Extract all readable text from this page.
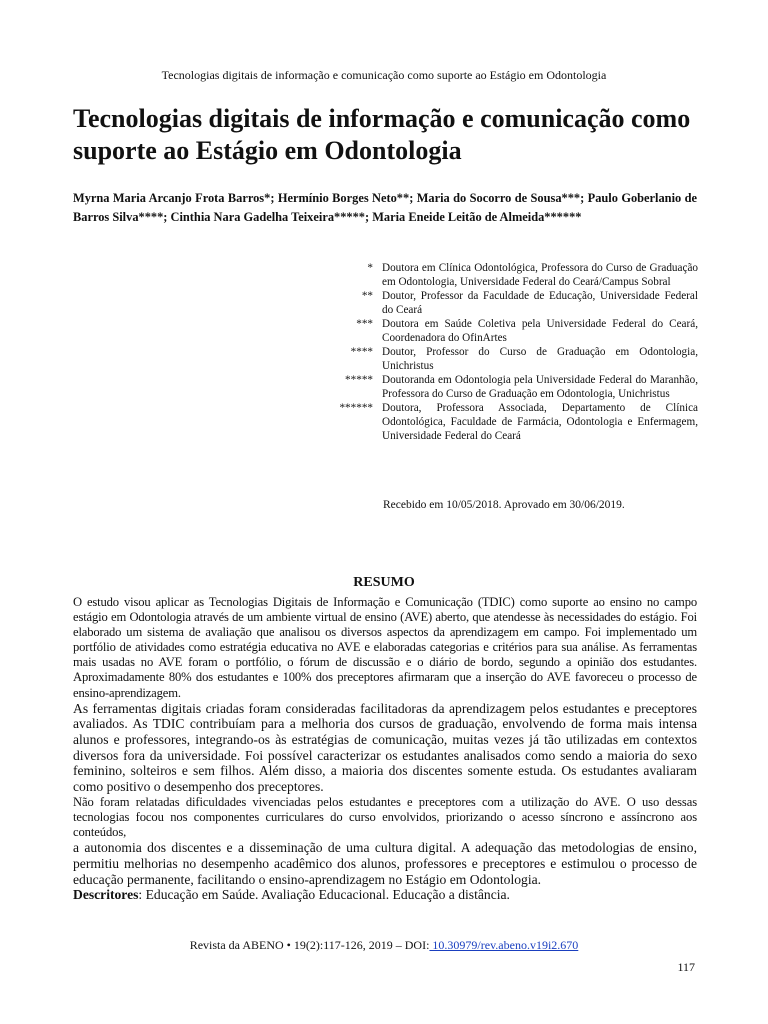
Tecnologias digitais de informação e comunicação como suporte ao Estágio em Odontologia
Tecnologias digitais de informação e comunicação como suporte ao Estágio em Odontologia

Myrna Maria Arcanjo Frota Barros*; Hermínio Borges Neto**; Maria do Socorro de Sousa***; Paulo Goberlanio de Barros Silva****; Cinthia Nara Gadelha Teixeira*****; Maria Eneide Leitão de Almeida******

* Doutora em Clínica Odontológica, Professora do Curso de Graduação em Odontologia, Universidade Federal do Ceará/Campus Sobral
** Doutor, Professor da Faculdade de Educação, Universidade Federal do Ceará
*** Doutora em Saúde Coletiva pela Universidade Federal do Ceará, Coordenadora do OfinArtes
**** Doutor, Professor do Curso de Graduação em Odontologia, Unichristus
***** Doutoranda em Odontologia pela Universidade Federal do Maranhão, Professora do Curso de Graduação em Odontologia, Unichristus
****** Doutora, Professora Associada, Departamento de Clínica Odontológica, Faculdade de Farmácia, Odontologia e Enfermagem, Universidade Federal do Ceará
Recebido em 10/05/2018. Aprovado em 30/06/2019.
RESUMO

O estudo visou aplicar as Tecnologias Digitais de Informação e Comunicação (TDIC) como suporte ao ensino no campo estágio em Odontologia através de um ambiente virtual de ensino (AVE) aberto, que atendesse às necessidades do estágio. Foi elaborado um sistema de avaliação que analisou os diversos aspectos da aprendizagem em campo. Foi implementado um portfólio de atividades como estratégia educativa no AVE e elaboradas categorias e critérios para sua análise. As ferramentas mais usadas no AVE foram o portfólio, o fórum de discussão e o diário de bordo, segundo a opinião dos estudantes. Aproximadamente 80% dos estudantes e 100% dos preceptores afirmaram que a inserção do AVE favoreceu o processo de ensino-aprendizagem.

As ferramentas digitais criadas foram consideradas facilitadoras da aprendizagem pelos estudantes e preceptores avaliados. As TDIC contribuíam para a melhoria dos cursos de graduação, envolvendo de forma mais intensa alunos e professores, integrando-os às estratégias de comunicação, muitas vezes já tão utilizadas em contextos diversos fora da universidade. Foi possível caracterizar os estudantes analisados como sendo a maioria do sexo feminino, solteiros e sem filhos. Além disso, a maioria dos discentes somente estuda. Os estudantes avaliaram como positivo o desempenho dos preceptores.

Não foram relatadas dificuldades vivenciadas pelos estudantes e preceptores com a utilização do AVE. O uso dessas tecnologias focou nos componentes curriculares do curso envolvidos, priorizando o acesso síncrono e assíncrono aos conteúdos,

a autonomia dos discentes e a disseminação de uma cultura digital. A adequação das metodologias de ensino, permitiu melhorias no desempenho acadêmico dos alunos, professores e preceptores e estimulou o processo de educação permanente, facilitando o ensino-aprendizagem no Estágio em Odontologia.

Descritores: Educação em Saúde. Avaliação Educacional. Educação a distância.

Revista da ABENO • 19(2):117-126, 2019 – DOI: 10.30979/rev.abeno.v19i2.670
117
